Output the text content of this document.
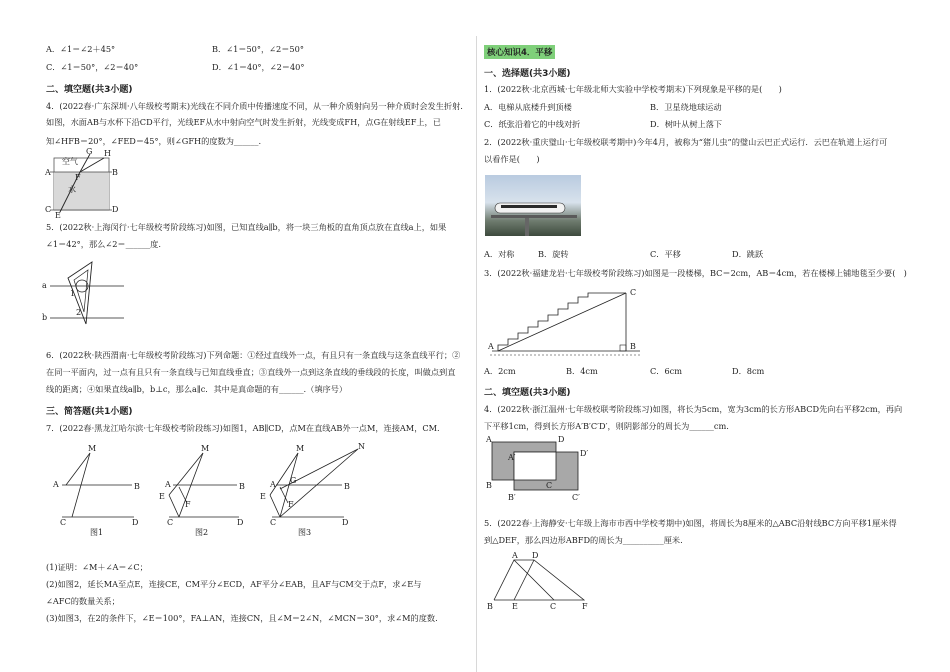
A．∠1＝∠2＋45°	B．∠1＝50°，∠2＝50°
C．∠1＝50°，∠2＝40°	D．∠1＝40°，∠2＝40°
二、填空题(共3小题)
4．(2022春·广东深圳·八年级校考期末)光线在不同介质中传播速度不同，从一种介质射向另一种介质时会发生折射.
如图，水面AB与水杯下沿CD平行，光线EF从水中射向空气时发生折射，光线变成FH，点G在射线EF上，已
知∠HFB＝20°，∠FED＝45°，则∠GFH的度数为______.
空气
水
A	B
C	D
E
F
G H
5．(2022秋·上海闵行·七年级校考阶段练习)如图，已知直线a∥b，将一块三角板的直角顶点放在直线a上，如果
∠1＝42°，那么∠2＝______度.
a
b
1
2
6．(2022秋·陕西渭南·七年级校考阶段练习)下列命题：①经过直线外一点，有且只有一条直线与这条直线平行；②
在同一平面内，过一点有且只有一条直线与已知直线垂直；③直线外一点到这条直线的垂线段的长度，叫做点到直
线的距离；④如果直线a∥b，b⊥c，那么a∥c．其中是真命题的有______.（填序号）
三、简答题(共1小题)
7．(2022春·黑龙江哈尔滨·七年级校考阶段练习)如图1，AB∥CD，点M在直线AB外一点M，连接AM，CM.
M
A	B
C	D
图1
M
A	B
E
F
C	D
图2
M	N
A G
B
E
F
C	D
图3
(1)证明：∠M＋∠A＝∠C；
(2)如图2，延长MA至点E，连接CE，CM平分∠ECD，AF平分∠EAB，且AF与CM交于点F，求∠E与
∠AFC的数量关系；
(3)如图3，在2的条件下，∠E＝100°，FA⊥AN，连接CN，且∠M＝2∠N，∠MCN＝30°，求∠M的度数.
核心知识4．平移
一、选择题(共3小题)
1．(2022秋·北京西城·七年级北师大实验中学校考期末)下列现象是平移的是(　　)
A．电梯从底楼升到顶楼	B．卫星绕地球运动
C．纸张沿着它的中线对折	D．树叶从树上落下
2．(2022秋·重庆璧山·七年级校联考期中)今年4月，被称为“猪儿虫”的璧山云巴正式运行．云巴在轨道上运行可
以看作是(　　)
A．对称	B．旋转	C．平移	D．跳跃
3．(2022秋·福建龙岩·七年级校考阶段练习)如图是一段楼梯，BC＝2cm，AB＝4cm，若在楼梯上铺地毯至少要(　)
A	B
C
A．2cm	B．4cm	C．6cm	D．8cm
二、填空题(共3小题)
4．(2022秋·浙江温州·七年级校联考阶段练习)如图，将长为5cm，宽为3cm的长方形ABCD先向右平移2cm，再向
下平移1cm，得到长方形A′B′C′D′，则阴影部分的周长为______cm.
A
B
D
C
A′	D′
B′	C′
5．(2022春·上海静安·七年级上海市市西中学校考期中)如图，将周长为8厘米的△ABC沿射线BC方向平移1厘米得
到△DEF，那么四边形ABFD的周长为__________厘米.
A D
B E	C	F
